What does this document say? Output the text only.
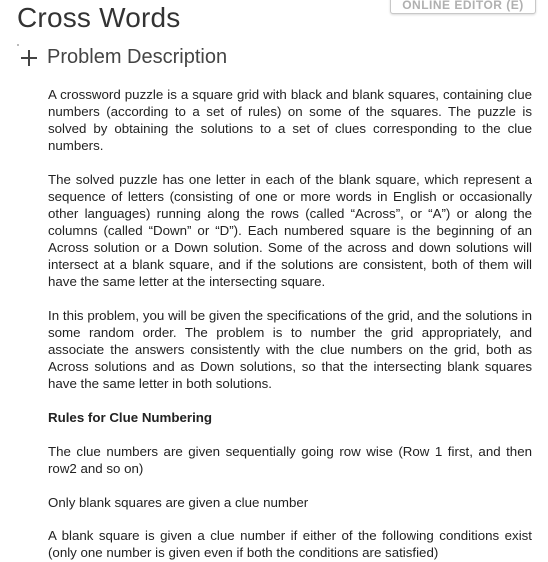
ONLINE EDITOR (E)
Cross Words
Problem Description

A crossword puzzle is a square grid with black and blank squares, containing clue numbers (according to a set of rules) on some of the squares. The puzzle is solved by obtaining the solutions to a set of clues corresponding to the clue numbers.

The solved puzzle has one letter in each of the blank square, which represent a sequence of letters (consisting of one or more words in English or occasionally other languages) running along the rows (called “Across”, or “A”) or along the columns (called “Down” or “D”). Each numbered square is the beginning of an Across solution or a Down solution. Some of the across and down solutions will intersect at a blank square, and if the solutions are consistent, both of them will have the same letter at the intersecting square.

In this problem, you will be given the specifications of the grid, and the solutions in some random order. The problem is to number the grid appropriately, and associate the answers consistently with the clue numbers on the grid, both as Across solutions and as Down solutions, so that the intersecting blank squares have the same letter in both solutions.

Rules for Clue Numbering

The clue numbers are given sequentially going row wise (Row 1 first, and then row2 and so on)

Only blank squares are given a clue number

A blank square is given a clue number if either of the following conditions exist (only one number is given even if both the conditions are satisfied)
